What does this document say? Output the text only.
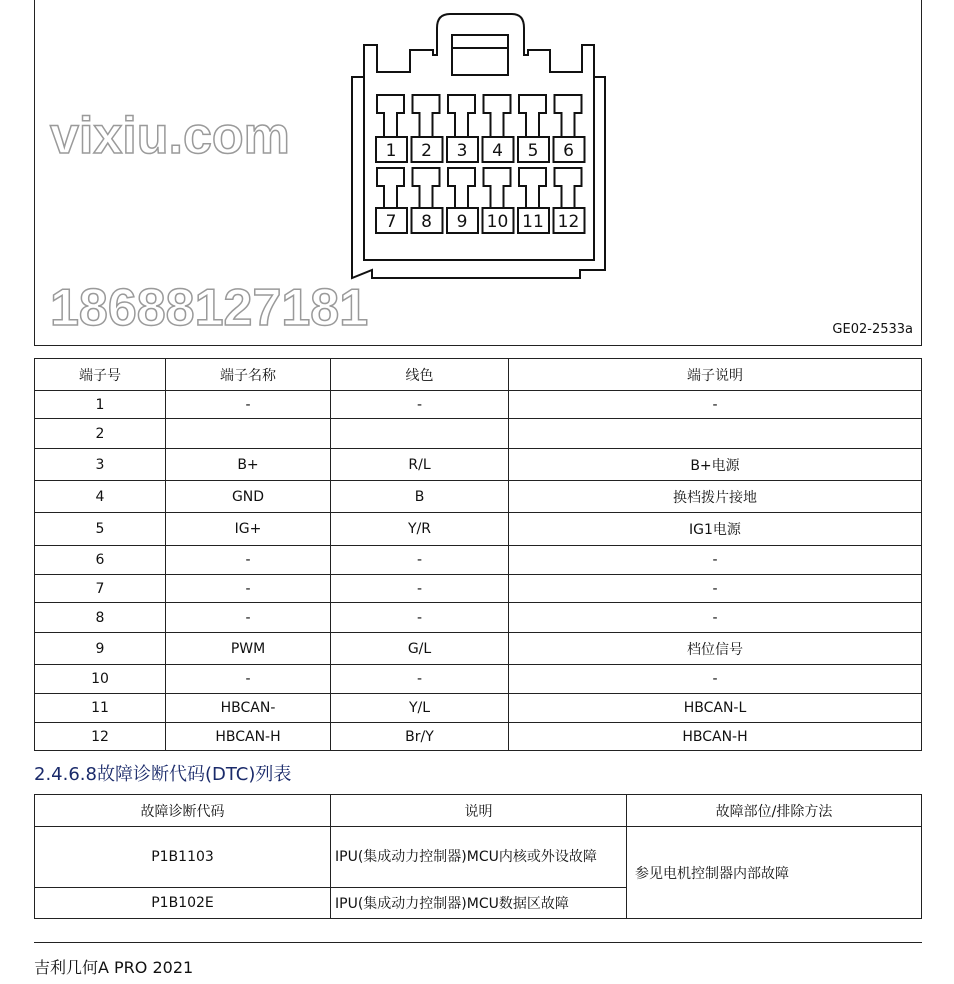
GE02-2533a
1 2 3 4 5 6
7 8 9 10 11 12
端子号	端子名称	线色	端子说明
1	-	-	-
2			
3	B+	R/L	B+电源
4	GND	B	换档拨片接地
5	IG+	Y/R	IG1电源
6	-	-	-
7	-	-	-
8	-	-	-
9	PWM	G/L	档位信号
10	-	-	-
11	HBCAN-	Y/L	HBCAN-L
12	HBCAN-H	Br/Y	HBCAN-H
2.4.6.8故障诊断代码(DTC)列表
故障诊断代码	说明	故障部位/排除方法
P1B1103	IPU(集成动力控制器)MCU内核或外设故障	参见电机控制器内部故障
P1B102E	IPU(集成动力控制器)MCU数据区故障	
吉利几何A PRO 2021
vixiu.com
18688127181
